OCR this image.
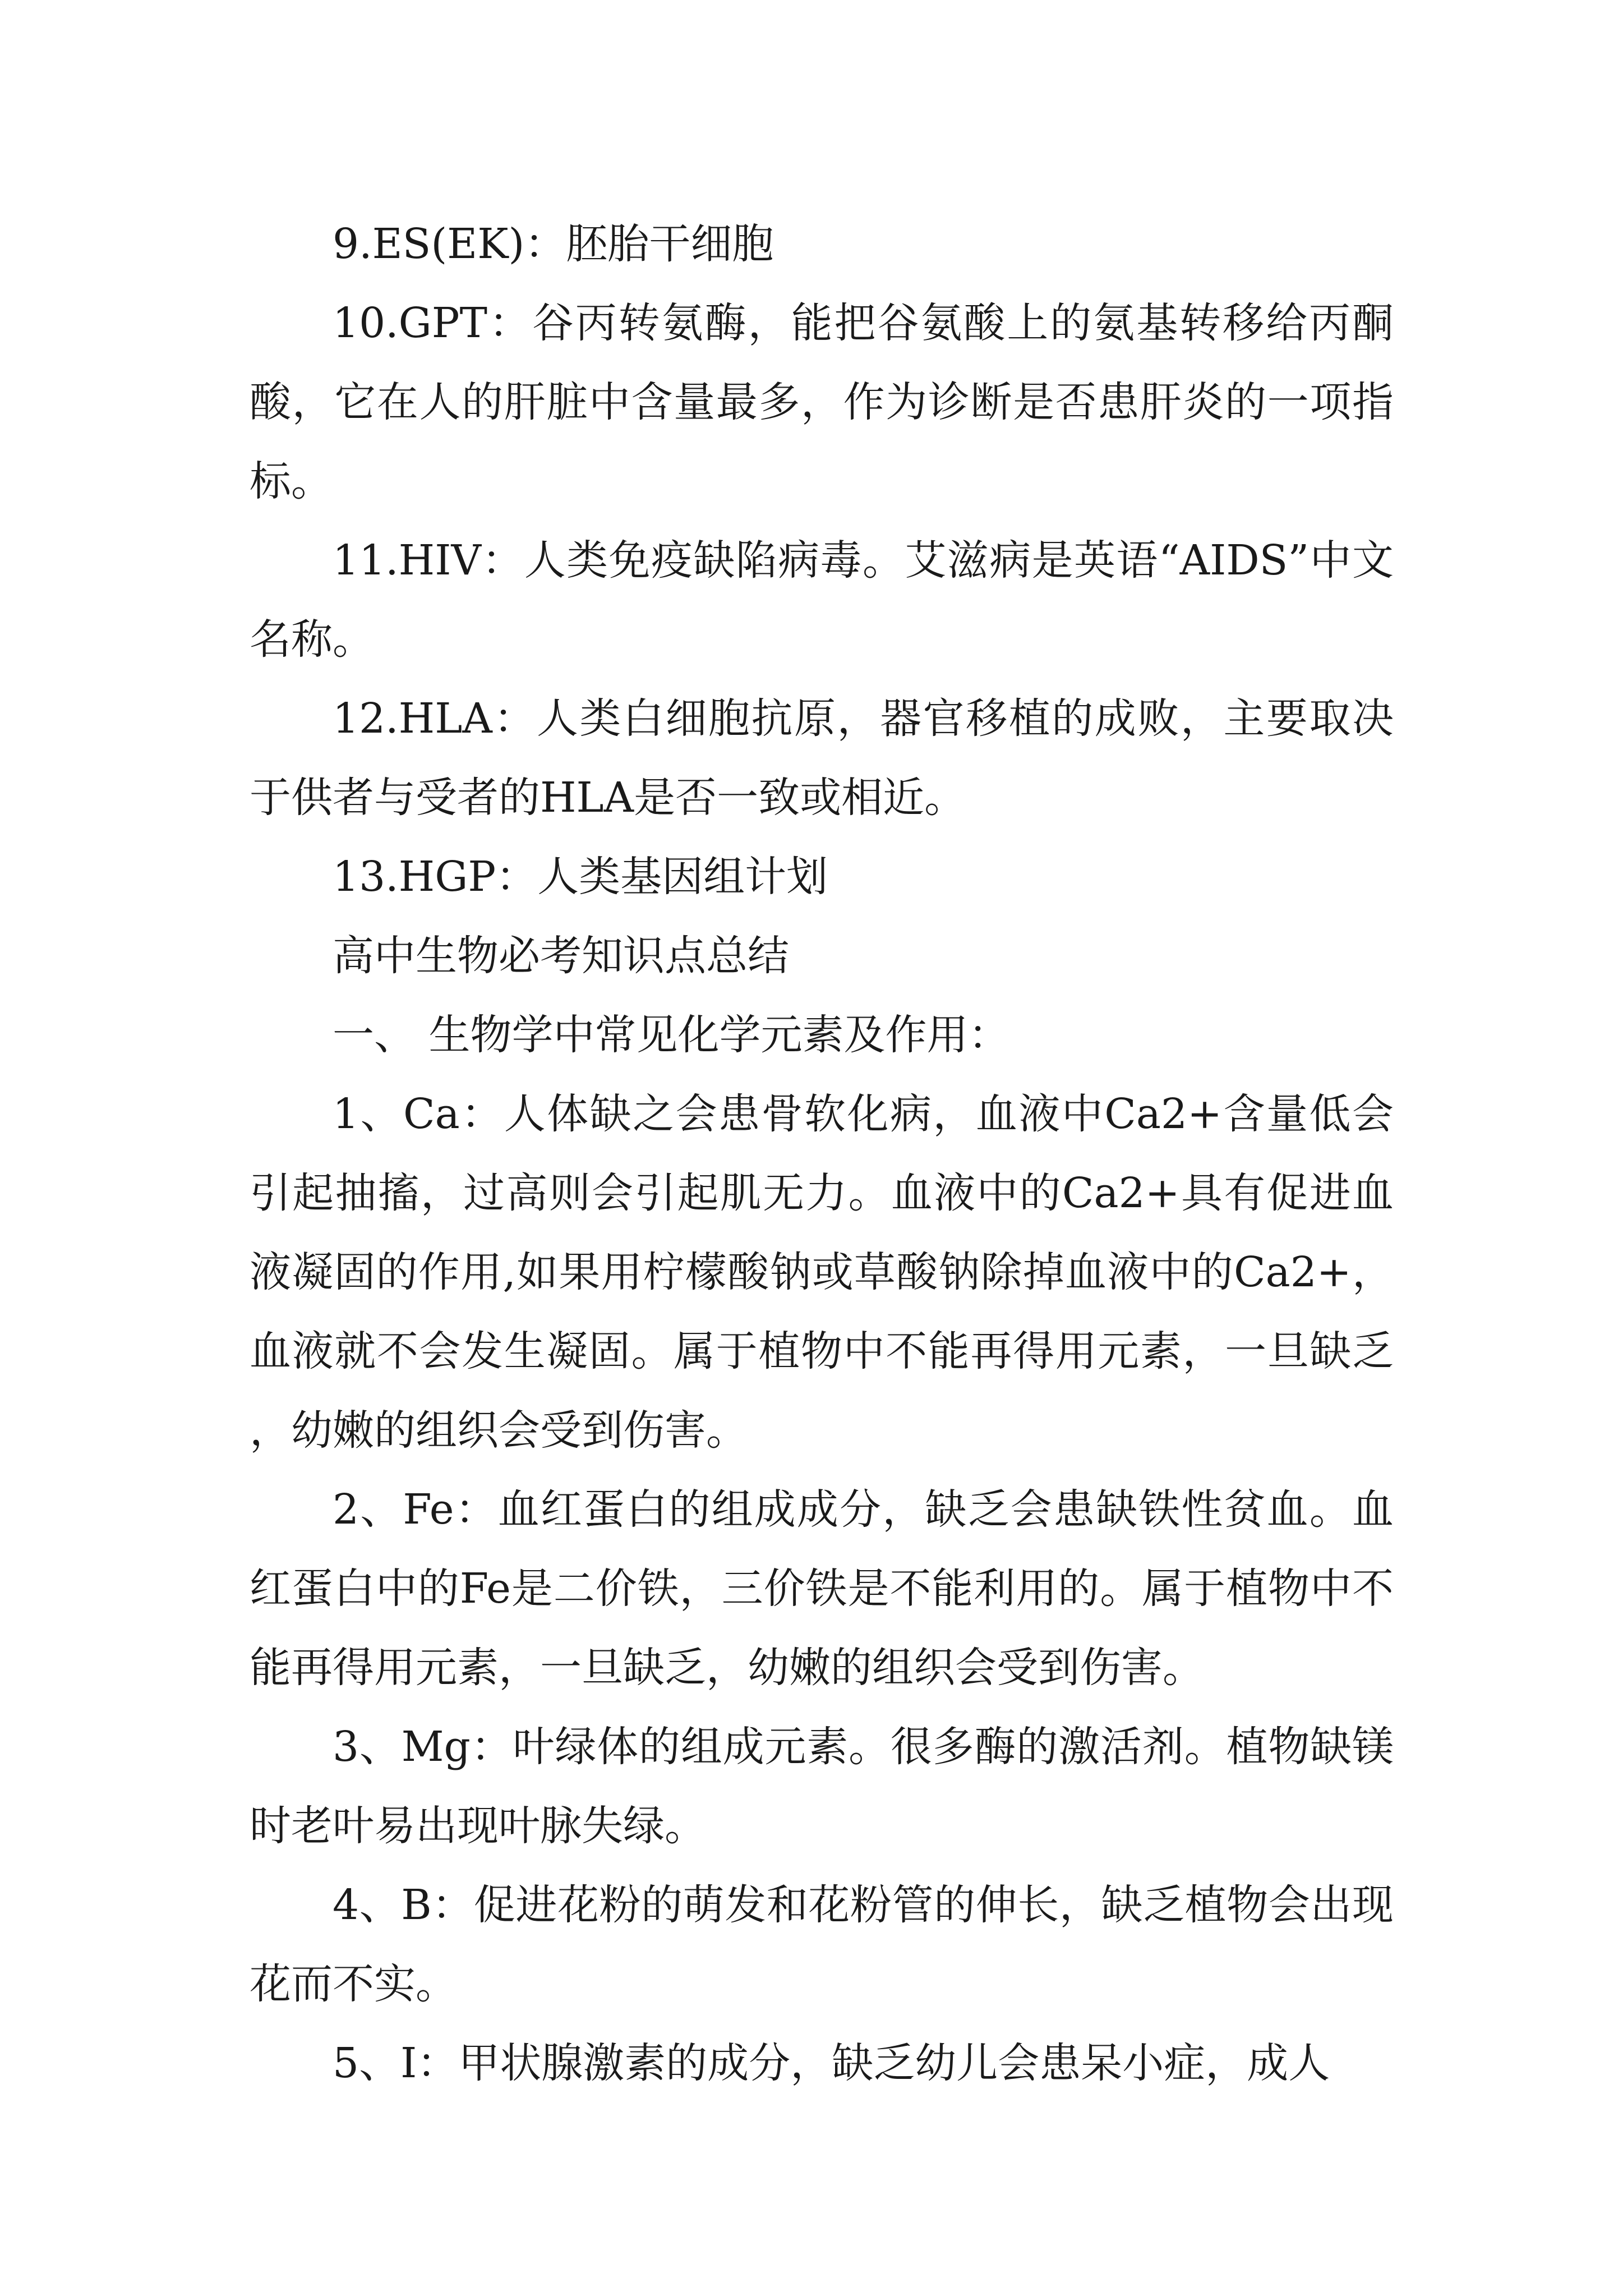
9.ES(EK)：胚胎干细胞

10.GPT：谷丙转氨酶，能把谷氨酸上的氨基转移给丙酮酸，它在人的肝脏中含量最多，作为诊断是否患肝炎的一项指标。

11.HIV：人类免疫缺陷病毒。艾滋病是英语“AIDS”中文名称。

12.HLA：人类白细胞抗原，器官移植的成败，主要取决于供者与受者的HLA是否一致或相近。

13.HGP：人类基因组计划

高中生物必考知识点总结

一、 生物学中常见化学元素及作用：

1、Ca：人体缺之会患骨软化病，血液中Ca2+含量低会引起抽搐，过高则会引起肌无力。血液中的Ca2+具有促进血液凝固的作用,如果用柠檬酸钠或草酸钠除掉血液中的Ca2+，血液就不会发生凝固。属于植物中不能再得用元素，一旦缺乏，幼嫩的组织会受到伤害。

2、Fe：血红蛋白的组成成分，缺乏会患缺铁性贫血。血红蛋白中的Fe是二价铁，三价铁是不能利用的。属于植物中不能再得用元素，一旦缺乏，幼嫩的组织会受到伤害。

3、Mg：叶绿体的组成元素。很多酶的激活剂。植物缺镁时老叶易出现叶脉失绿。

4、B：促进花粉的萌发和花粉管的伸长，缺乏植物会出现花而不实。

5、I：甲状腺激素的成分，缺乏幼儿会患呆小症，成人
